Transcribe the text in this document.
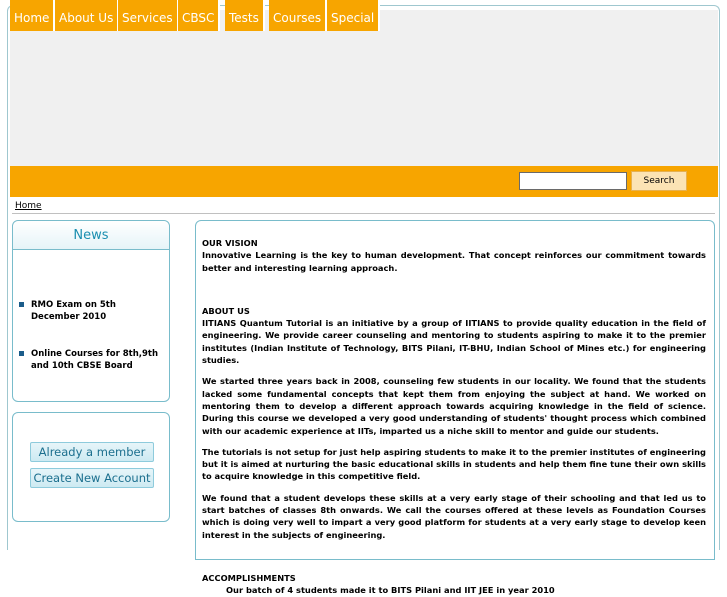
Home About Us Services CBSC	Tests	Courses Special
Search
Home
News
RMO Exam on 5th December 2010
Online Courses for 8th,9th and 10th CBSE Board
Already a member
Create New Account
OUR VISION

Innovative Learning is the key to human development. That concept reinforces our commitment towards better and interesting learning approach.

ABOUT US

IITIANS Quantum Tutorial is an initiative by a group of IITIANS to provide quality education in the field of engineering. We provide career counseling and mentoring to students aspiring to make it to the premier institutes (Indian Institute of Technology, BITS Pilani, IT-BHU, Indian School of Mines etc.) for engineering studies.

We started three years back in 2008, counseling few students in our locality. We found that the students lacked some fundamental concepts that kept them from enjoying the subject at hand. We worked on mentoring them to develop a different approach towards acquiring knowledge in the field of science. During this course we developed a very good understanding of students' thought process which combined with our academic experience at IITs, imparted us a niche skill to mentor and guide our students.

The tutorials is not setup for just help aspiring students to make it to the premier institutes of engineering but it is aimed at nurturing the basic educational skills in students and help them fine tune their own skills to acquire knowledge in this competitive field.

We found that a student develops these skills at a very early stage of their schooling and that led us to start batches of classes 8th onwards. We call the courses offered at these levels as Foundation Courses which is doing very well to impart a very good platform for students at a very early stage to develop keen interest in the subjects of engineering.

ACCOMPLISHMENTS
Our batch of 4 students made it to BITS Pilani and IIT JEE in year 2010
